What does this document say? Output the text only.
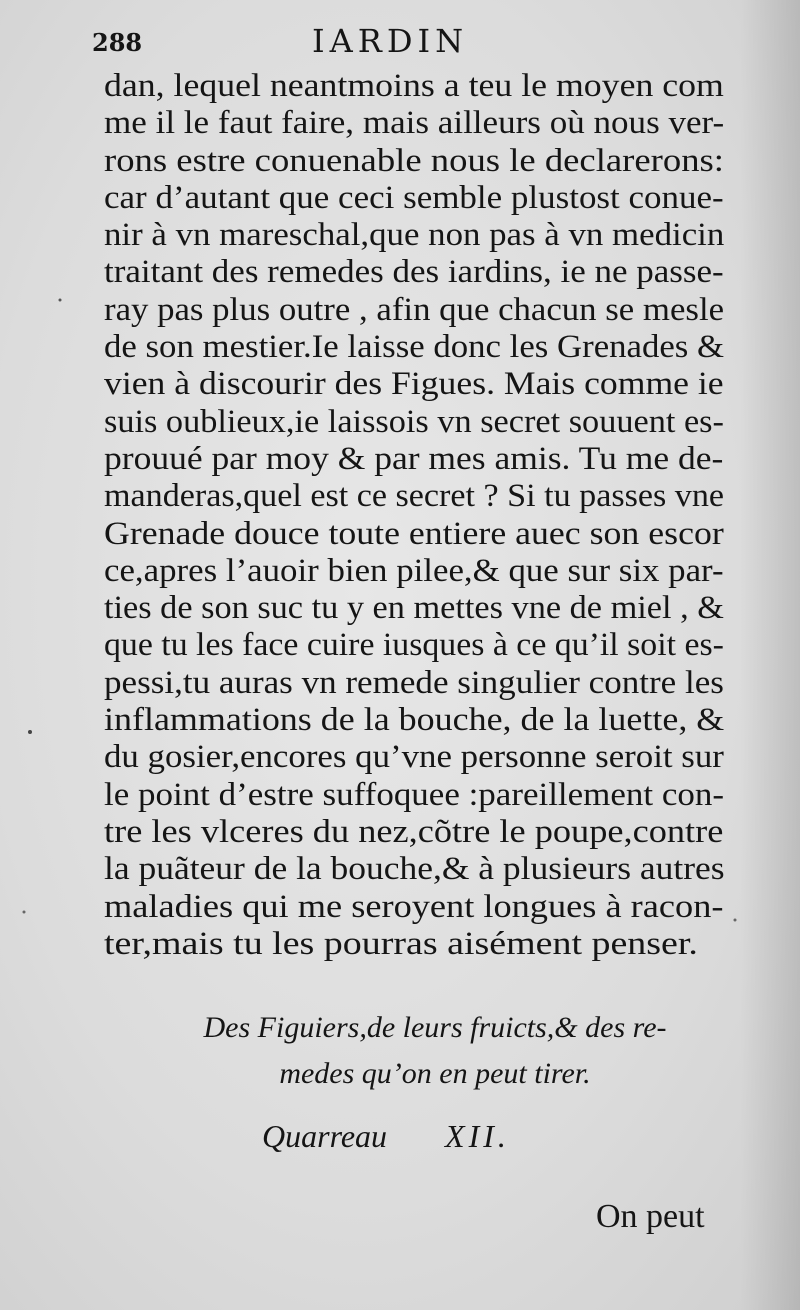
288	IARDIN
dan, lequel neantmoins a teu le moyen com
me il le faut faire, mais ailleurs où nous ver-
rons estre conuenable nous le declarerons:
car d’autant que ceci semble plustost conue-
nir à vn mareschal,que non pas à vn medicin
traitant des remedes des iardins, ie ne passe-
ray pas plus outre , afin que chacun se mesle
de son mestier.Ie laisse donc les Grenades &
vien à discourir des Figues. Mais comme ie
suis oublieux,ie laissois vn secret souuent es-
prouué par moy & par mes amis. Tu me de-
manderas,quel est ce secret ? Si tu passes vne
Grenade douce toute entiere auec son escor
ce,apres l’auoir bien pilee,& que sur six par-
ties de son suc tu y en mettes vne de miel , &
que tu les face cuire iusques à ce qu’il soit es-
pessi,tu auras vn remede singulier contre les
inflammations de la bouche, de la luette, &
du gosier,encores qu’vne personne seroit sur
le point d’estre suffoquee :pareillement con-
tre les vlceres du nez,cõtre le poupe,contre
la puãteur de la bouche,& à plusieurs autres
maladies qui me seroyent longues à racon-
ter,mais tu les pourras aisément penser.
Des Figuiers,de leurs fruicts,& des re-
medes qu’on en peut tirer.
Quarreau XII.
On peut
